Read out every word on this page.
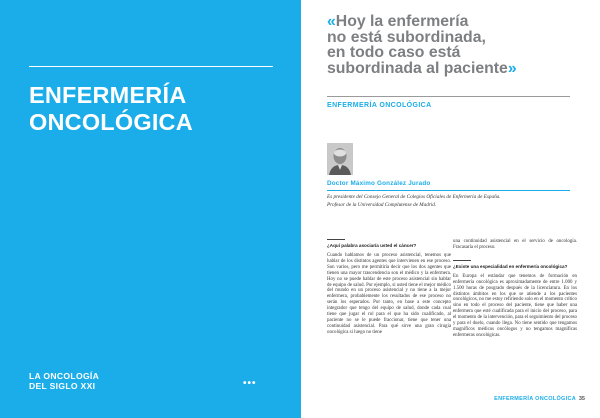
ENFERMERÍA
ONCOLÓGICA
LA ONCOLOGÍA
DEL SIGLO XXI	•••
«Hoy la enfermería
no está subordinada,
en todo caso está
subordinada al paciente»
ENFERMERÍA ONCOLÓGICA
Doctor Máximo González Jurado
Es presidente del Consejo General de Colegios Oficiales de Enfermería de España.
Profesor de la Universidad Complutense de Madrid.
¿Aquí palabra asociaría usted el cáncer?

Cuando hablamos de un proceso asistencial, tenemos que hablar de los distintos agentes que intervienen en ese proceso. Son varios, pero me permitiría decir que los dos agentes que tienen una mayor trascendencia son el médico y la enfermera. Hoy no se puede hablar de este proceso asistencial sin hablar de equipo de salud. Por ejemplo, si usted tiene el mejor médico del mundo en un proceso asistencial y no tiene a la mejor enfermera, probablemente los resultados de ese proceso no serán los esperados. Por tanto, en base a este concepto integrador que tengo del equipo de salud, donde cada cual tiene que jugar el rol para el que ha sido cualificado, al paciente no se le puede fraccionar, tiene que tener una continuidad asistencial. Para qué sirve una gran cirugía oncológica si luego no tiene

una continuidad asistencial en el servicio de oncología. Fracasaría el proceso.

¿Existe una especialidad en enfermería oncológica?

En Europa el estándar que tenemos de formación en enfermería oncológica es aproximadamente de entre 1.000 y 1.500 horas de posgrado después de la licenciatura. En los distintos ámbitos en los que se atiende a los pacientes oncológicos, no me estoy refiriendo solo en el momento crítico sino en todo el proceso del paciente, tiene que haber una enfermera que esté cualificada para el inicio del proceso, para el momento de la intervención, para el seguimiento del proceso y para el duelo, cuando llega. No tiene sentido que tengamos magníficos médicos oncólogos y no tengamos magníficas enfermeras oncológicas.

ENFERMERÍA ONCOLÓGICA 35
